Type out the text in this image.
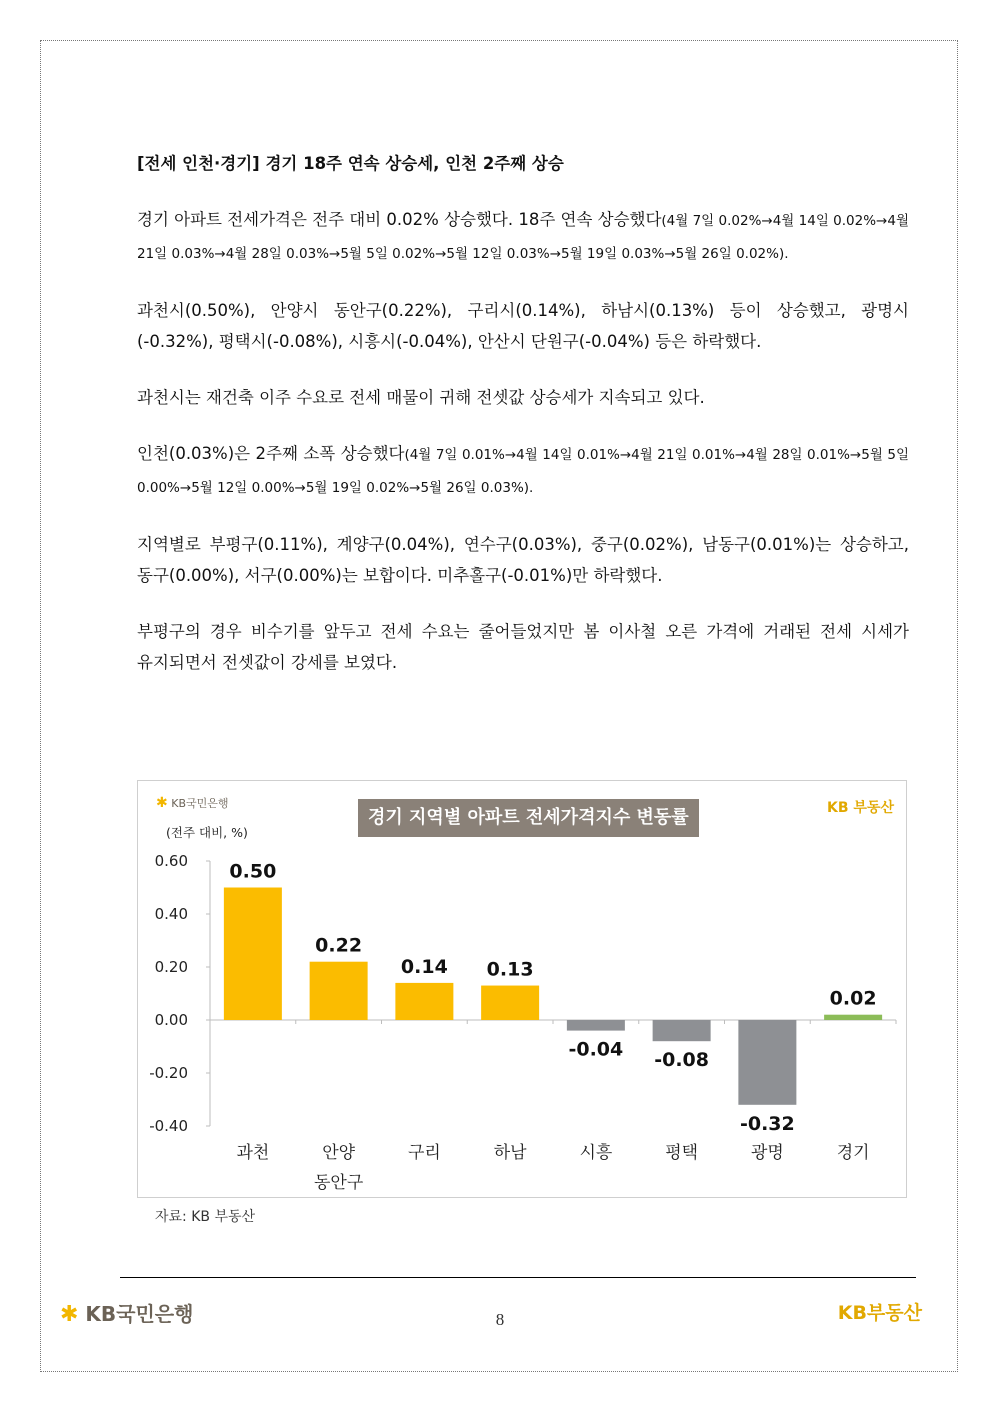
[전세 인천·경기] 경기 18주 연속 상승세, 인천 2주째 상승

경기 아파트 전세가격은 전주 대비 0.02% 상승했다. 18주 연속 상승했다(4월 7일 0.02%→4월 14일 0.02%→4월 21일 0.03%→4월 28일 0.03%→5월 5일 0.02%→5월 12일 0.03%→5월 19일 0.03%→5월 26일 0.02%).

과천시(0.50%), 안양시 동안구(0.22%), 구리시(0.14%), 하남시(0.13%) 등이 상승했고, 광명시(-0.32%), 평택시(-0.08%), 시흥시(-0.04%), 안산시 단원구(-0.04%) 등은 하락했다.

과천시는 재건축 이주 수요로 전세 매물이 귀해 전셋값 상승세가 지속되고 있다.

인천(0.03%)은 2주째 소폭 상승했다(4월 7일 0.01%→4월 14일 0.01%→4월 21일 0.01%→4월 28일 0.01%→5월 5일 0.00%→5월 12일 0.00%→5월 19일 0.02%→5월 26일 0.03%).

지역별로 부평구(0.11%), 계양구(0.04%), 연수구(0.03%), 중구(0.02%), 남동구(0.01%)는 상승하고, 동구(0.00%), 서구(0.00%)는 보합이다. 미추홀구(-0.01%)만 하락했다.

부평구의 경우 비수기를 앞두고 전세 수요는 줄어들었지만 봄 이사철 오른 가격에 거래된 전세 시세가 유지되면서 전셋값이 강세를 보였다.

0.60
0.40
0.20
0.00
-0.20
-0.40
0.50
과천
0.22
안양
동안구
0.14
구리
0.13
하남
-0.04
시흥
-0.08
평택
-0.32
광명
0.02
경기
✱ KB국민은행
경기 지역별 아파트 전세가격지수 변동률	KB 부동산
(전주 대비, %)
자료: KB 부동산
✱ KB국민은행	8	KB부동산
